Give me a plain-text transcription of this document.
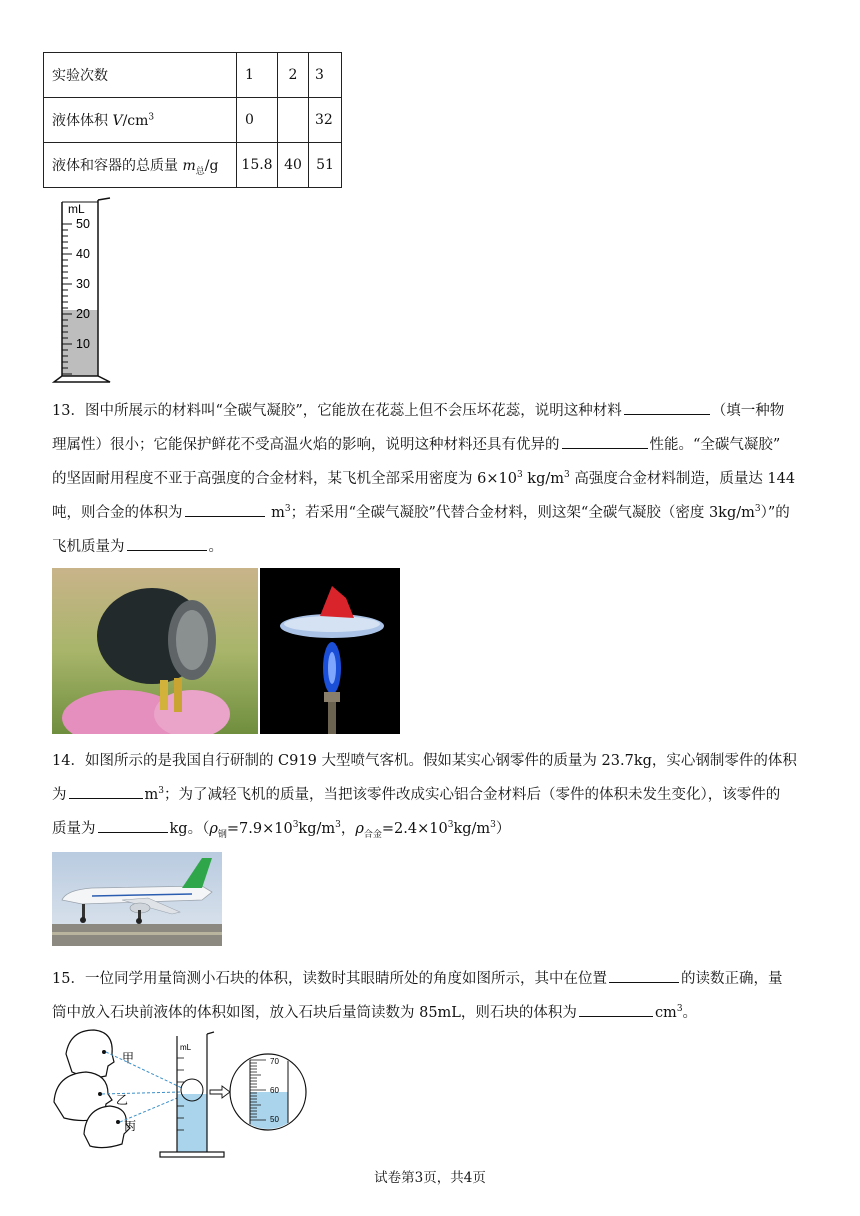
实验次数	1	2	3
液体体积 $V/cm^3$	0		32
液体和容器的总质量 $m_总/g$	15.8	40	51
mL
50
40
30
20
10
13．图中所展示的材料叫“全碳气凝胶”，它能放在花蕊上但不会压坏花蕊，说明这种材料	（填一种物
理属性）很小；它能保护鲜花不受高温火焰的影响，说明这种材料还具有优异的	性能。“全碳气凝胶”
的坚固耐用程度不亚于高强度的合金材料，某飞机全部采用密度为 $6\times 10^3$ $kg/m^3$ 高强度合金材料制造，质量达 144
吨，则合金的体积为	$m^3$；若采用“全碳气凝胶”代替合金材料，则这架“全碳气凝胶（密度 $3kg/m^3$）”的
飞机质量为	。
14．如图所示的是我国自行研制的 C919 大型喷气客机。假如某实心钢零件的质量为 23.7kg，实心钢制零件的体积
为	$m^3$；为了减轻飞机的质量，当把该零件改成实心铝合金材料后（零件的体积未发生变化），该零件的
质量为	kg。（$\rho_钢=7.9\times 10^3kg/m^3$，$\rho_{合金}=2.4\times 10^3kg/m^3$）
15．一位同学用量筒测小石块的体积，读数时其眼睛所处的角度如图所示，其中在位置	的读数正确，量
筒中放入石块前液体的体积如图，放入石块后量筒读数为 85mL，则石块的体积为	$cm^3$。
甲
乙
丙
mL
70
60
50
试卷第3页，共4页
